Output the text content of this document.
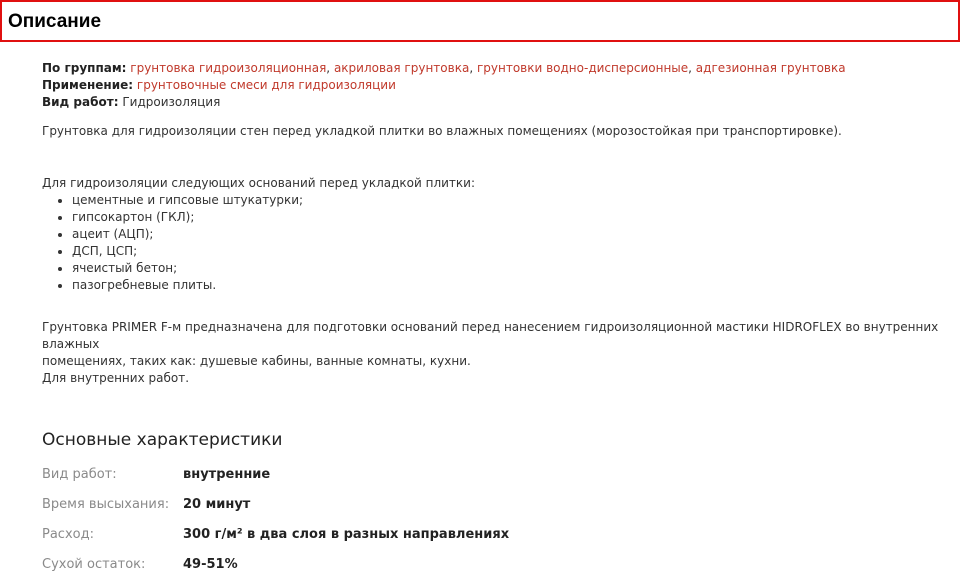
Описание
По группам: грунтовка гидроизоляционная, акриловая грунтовка, грунтовки водно-дисперсионные, адгезионная грунтовка
Применение: грунтовочные смеси для гидроизоляции
Вид работ: Гидроизоляция

Грунтовка для гидроизоляции стен перед укладкой плитки во влажных помещениях (морозостойкая при транспортировке).

Для гидроизоляции следующих оснований перед укладкой плитки:

• цементные и гипсовые штукатурки;
• гипсокартон (ГКЛ);
• ацеит (АЦП);
• ДСП, ЦСП;
• ячеистый бетон;
• пазогребневые плиты.
Грунтовка PRIMER F-м предназначена для подготовки оснований перед нанесением гидроизоляционной мастики HIDROFLEX во внутренних влажных
помещениях, таких как: душевые кабины, ванные комнаты, кухни.
Для внутренних работ.
Основные характеристики
Вид работ:	внутренние
Время высыхания:	20 минут
Расход:	300 г/м² в два слоя в разных направлениях
Сухой остаток:	49-51%
